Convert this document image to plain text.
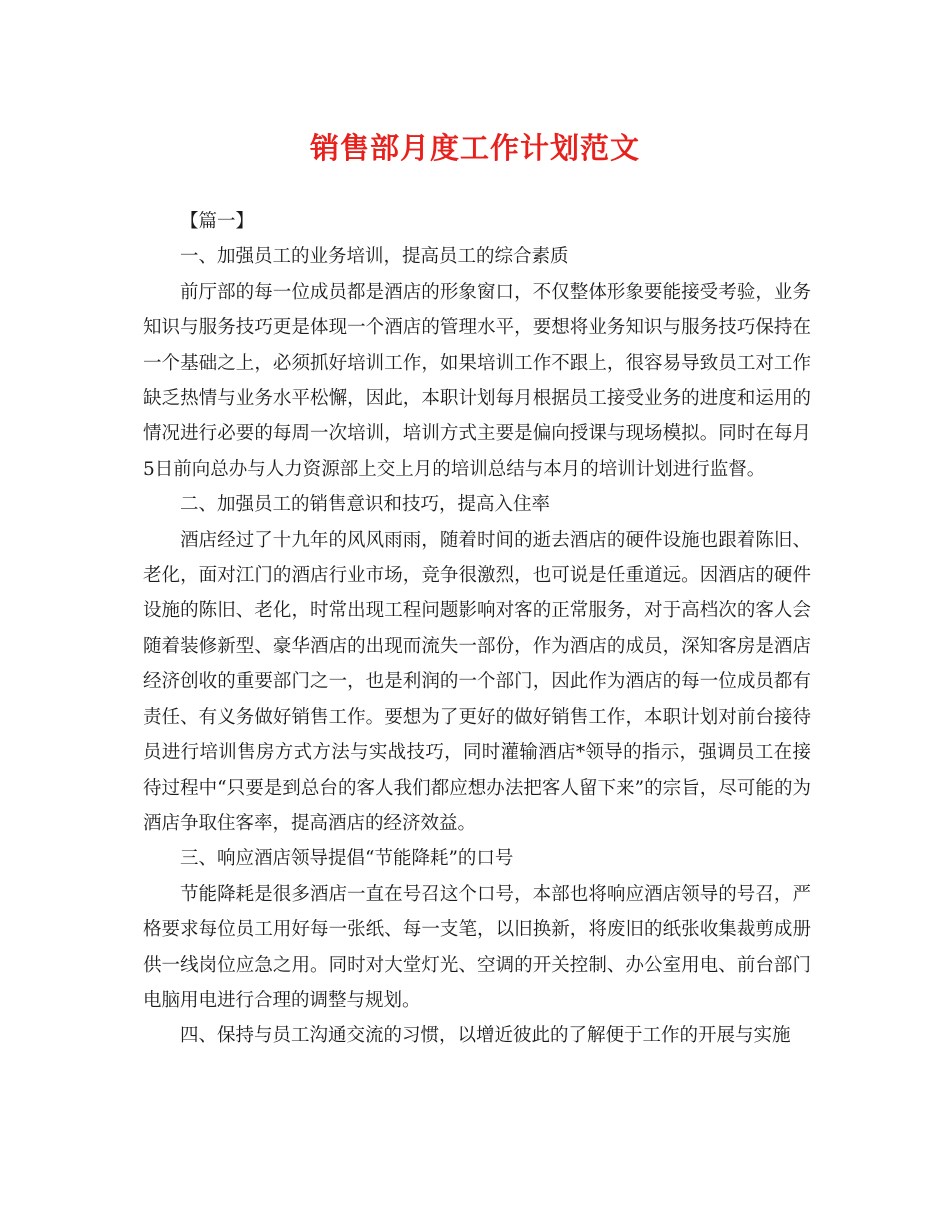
销售部月度工作计划范文

【篇一】

一、加强员工的业务培训，提高员工的综合素质

前厅部的每一位成员都是酒店的形象窗口，不仅整体形象要能接受考验，业务知识与服务技巧更是体现一个酒店的管理水平，要想将业务知识与服务技巧保持在一个基础之上，必须抓好培训工作，如果培训工作不跟上，很容易导致员工对工作缺乏热情与业务水平松懈，因此，本职计划每月根据员工接受业务的进度和运用的情况进行必要的每周一次培训，培训方式主要是偏向授课与现场模拟。同时在每月5日前向总办与人力资源部上交上月的培训总结与本月的培训计划进行监督。

二、加强员工的销售意识和技巧，提高入住率

酒店经过了十九年的风风雨雨，随着时间的逝去酒店的硬件设施也跟着陈旧、老化，面对江门的酒店行业市场，竞争很激烈，也可说是任重道远。因酒店的硬件设施的陈旧、老化，时常出现工程问题影响对客的正常服务，对于高档次的客人会随着装修新型、豪华酒店的出现而流失一部份，作为酒店的成员，深知客房是酒店经济创收的重要部门之一，也是利润的一个部门，因此作为酒店的每一位成员都有责任、有义务做好销售工作。要想为了更好的做好销售工作，本职计划对前台接待员进行培训售房方式方法与实战技巧，同时灌输酒店*领导的指示，强调员工在接待过程中“只要是到总台的客人我们都应想办法把客人留下来”的宗旨，尽可能的为酒店争取住客率，提高酒店的经济效益。

三、响应酒店领导提倡“节能降耗”的口号

节能降耗是很多酒店一直在号召这个口号，本部也将响应酒店领导的号召，严格要求每位员工用好每一张纸、每一支笔，以旧换新，将废旧的纸张收集裁剪成册供一线岗位应急之用。同时对大堂灯光、空调的开关控制、办公室用电、前台部门电脑用电进行合理的调整与规划。

四、保持与员工沟通交流的习惯，以增近彼此的了解便于工作的开展与实施
